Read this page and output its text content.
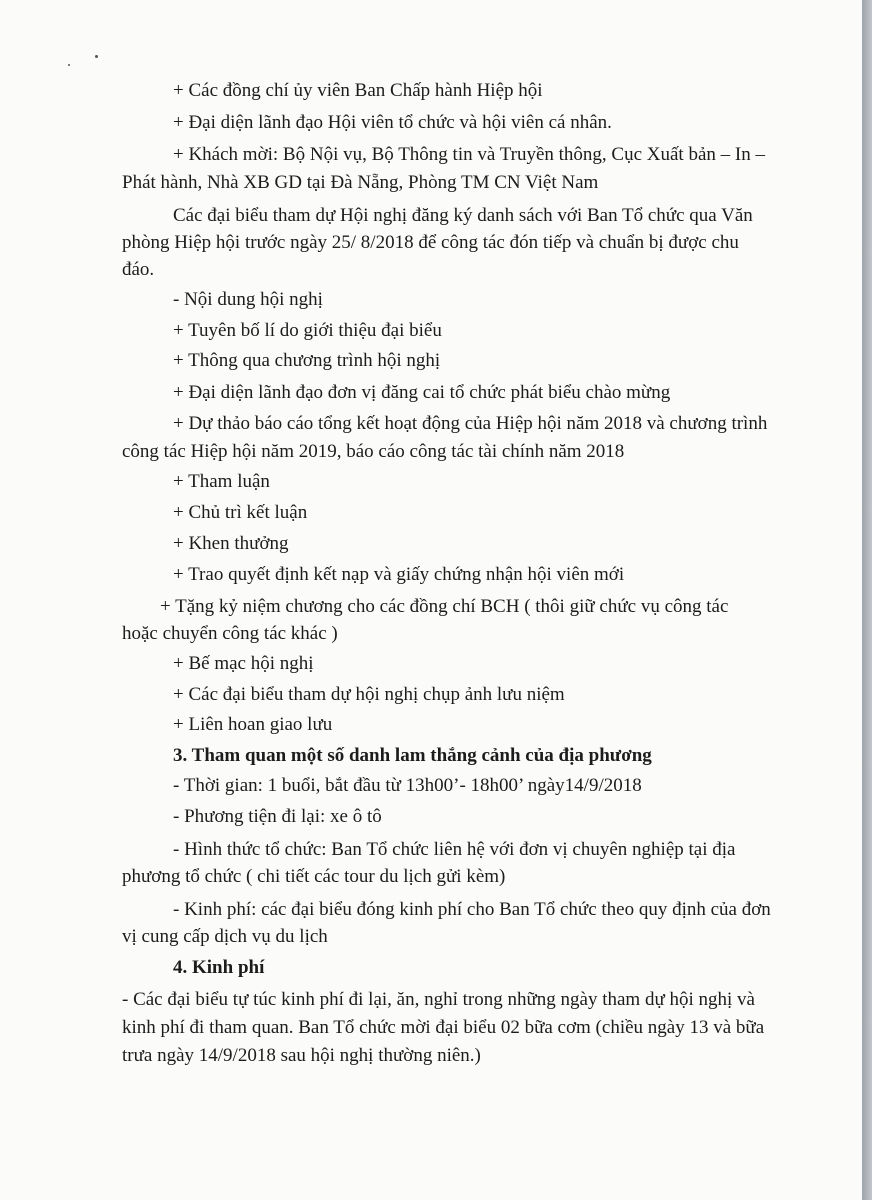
+ Các đồng chí ủy viên Ban Chấp hành Hiệp hội
+ Đại diện lãnh đạo Hội viên tổ chức và hội viên cá nhân.
+ Khách mời: Bộ Nội vụ, Bộ Thông tin và Truyền thông, Cục Xuất bản – In –
Phát hành, Nhà XB GD tại Đà Nẵng, Phòng TM CN Việt Nam
Các đại biểu tham dự Hội nghị đăng ký danh sách với Ban Tổ chức qua Văn
phòng Hiệp hội trước ngày 25/ 8/2018 để công tác đón tiếp và chuẩn bị được chu
đáo.
- Nội dung hội nghị
+ Tuyên bố lí do giới thiệu đại biểu
+ Thông qua chương trình hội nghị
+ Đại diện lãnh đạo đơn vị đăng cai tổ chức phát biểu chào mừng
+ Dự thảo báo cáo tổng kết hoạt động của Hiệp hội năm 2018 và chương trình
công tác Hiệp hội năm 2019, báo cáo công tác tài chính năm 2018
+ Tham luận
+ Chủ trì kết luận
+ Khen thưởng
+ Trao quyết định kết nạp và giấy chứng nhận hội viên mới
+ Tặng kỷ niệm chương cho các đồng chí BCH ( thôi giữ chức vụ công tác
hoặc chuyển công tác khác )
+ Bế mạc hội nghị
+ Các đại biểu tham dự hội nghị chụp ảnh lưu niệm
+ Liên hoan giao lưu
3. Tham quan một số danh lam thắng cảnh của địa phương
- Thời gian: 1 buổi, bắt đầu từ 13h00’- 18h00’ ngày14/9/2018
- Phương tiện đi lại: xe ô tô
- Hình thức tổ chức: Ban Tổ chức liên hệ với đơn vị chuyên nghiệp tại địa
phương tổ chức ( chi tiết các tour du lịch gửi kèm)
- Kinh phí: các đại biểu đóng kinh phí cho Ban Tổ chức theo quy định của đơn
vị cung cấp dịch vụ du lịch
4. Kinh phí
- Các đại biểu tự túc kinh phí đi lại, ăn, nghỉ trong những ngày tham dự hội nghị và
kinh phí đi tham quan. Ban Tổ chức mời đại biểu 02 bữa cơm (chiều ngày 13 và bữa
trưa ngày 14/9/2018 sau hội nghị thường niên.)
